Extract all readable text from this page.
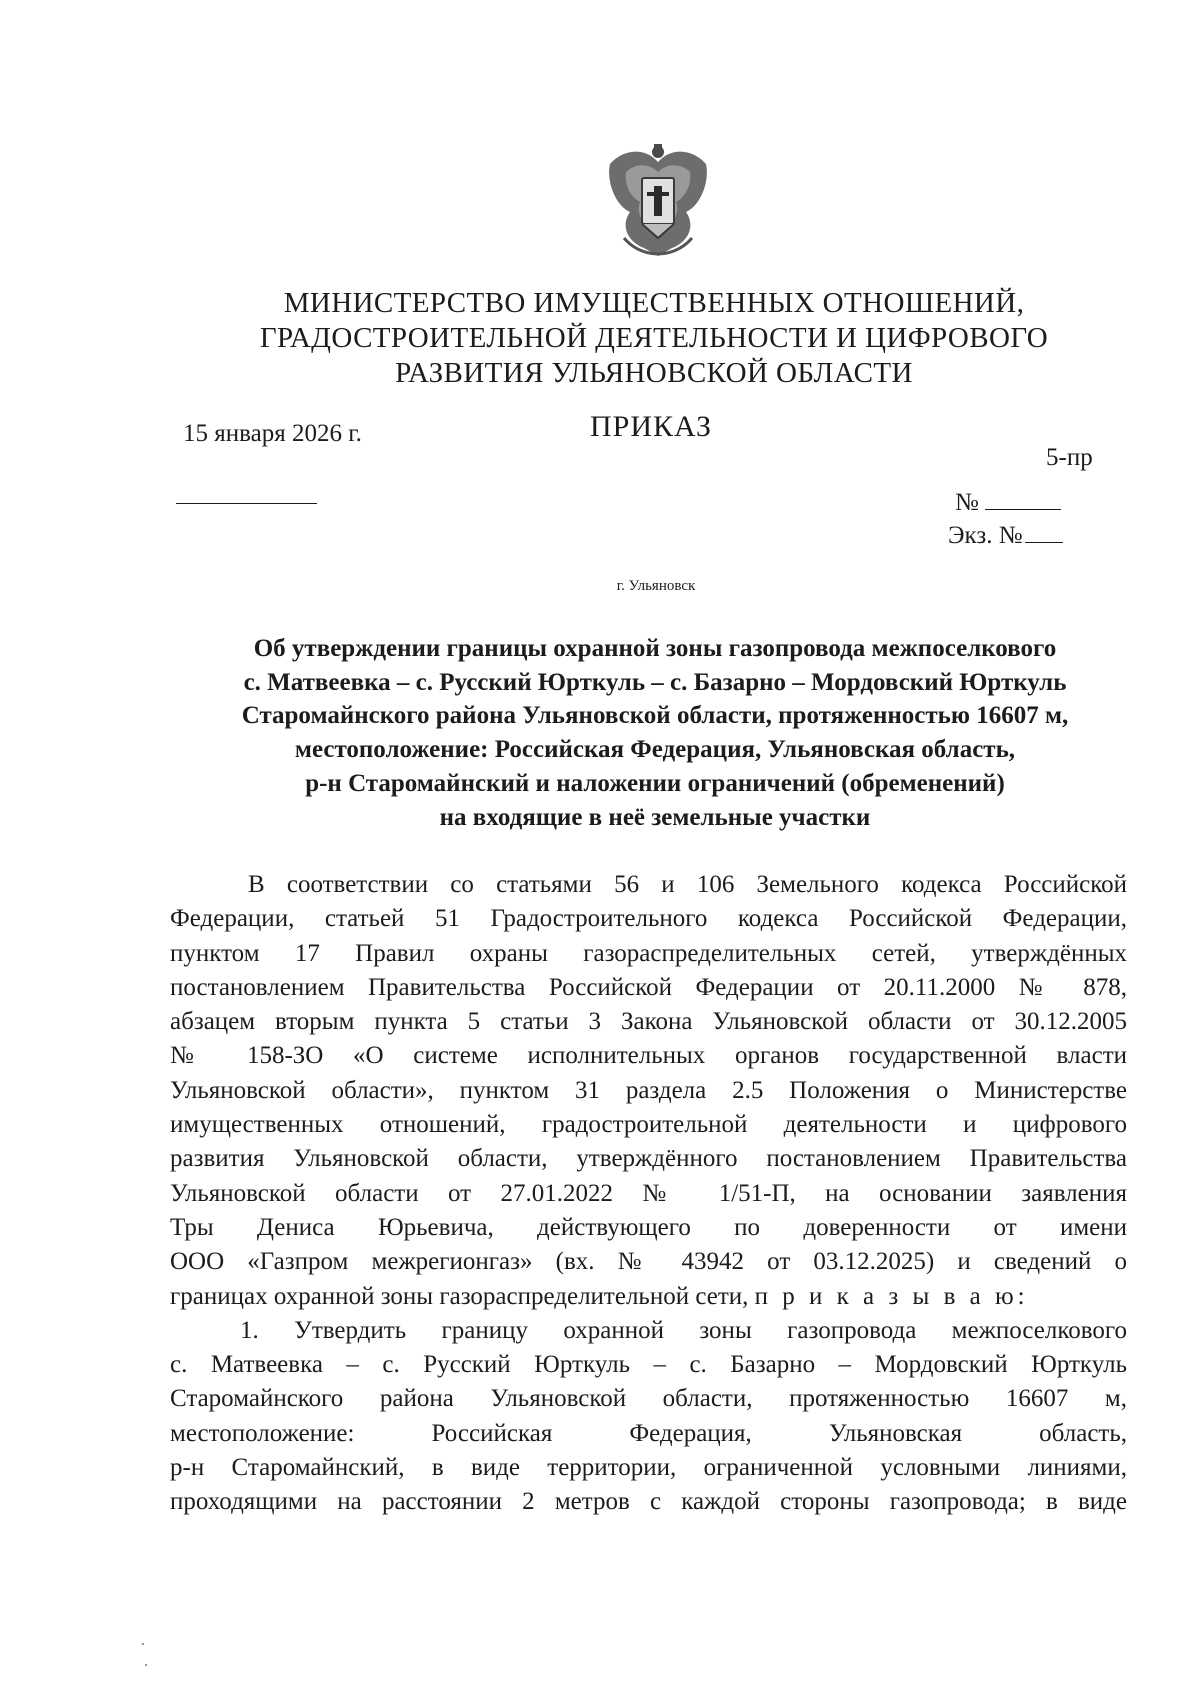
МИНИСТЕРСТВО ИМУЩЕСТВЕННЫХ ОТНОШЕНИЙ,
ГРАДОСТРОИТЕЛЬНОЙ ДЕЯТЕЛЬНОСТИ И ЦИФРОВОГО
РАЗВИТИЯ УЛЬЯНОВСКОЙ ОБЛАСТИ
15 января 2026 г.	ПРИКАЗ
5-пр
№
Экз. №
г. Ульяновск
Об утверждении границы охранной зоны газопровода межпоселкового
с. Матвеевка – с. Русский Юрткуль – с. Базарно – Мордовский Юрткуль
Старомайнского района Ульяновской области, протяженностью 16607 м,
местоположение: Российская Федерация, Ульяновская область,
р-н Старомайнский и наложении ограничений (обременений)
на входящие в неё земельные участки

В соответствии со статьями 56 и 106 Земельного кодекса Российской

Федерации, статьей 51 Градостроительного кодекса Российской Федерации,

пунктом 17 Правил охраны газораспределительных сетей, утверждённых

постановлением Правительства Российской Федерации от 20.11.2000 № 878,

абзацем вторым пункта 5 статьи 3 Закона Ульяновской области от 30.12.2005

№ 158-ЗО «О системе исполнительных органов государственной власти

Ульяновской области», пунктом 31 раздела 2.5 Положения о Министерстве

имущественных отношений, градостроительной деятельности и цифрового

развития Ульяновской области, утверждённого постановлением Правительства

Ульяновской области от 27.01.2022 № 1/51-П, на основании заявления

Тры Дениса Юрьевича, действующего по доверенности от имени

ООО «Газпром межрегионгаз» (вх. № 43942 от 03.12.2025) и сведений о

границах охранной зоны газораспределительной сети, п р и к а з ы в а ю:

1. Утвердить границу охранной зоны газопровода межпоселкового

с. Матвеевка – с. Русский Юрткуль – с. Базарно – Мордовский Юрткуль

Старомайнского района Ульяновской области, протяженностью 16607 м,

местоположение: Российская Федерация, Ульяновская область,

р-н Старомайнский, в виде территории, ограниченной условными линиями,

проходящими на расстоянии 2 метров с каждой стороны газопровода; в виде
